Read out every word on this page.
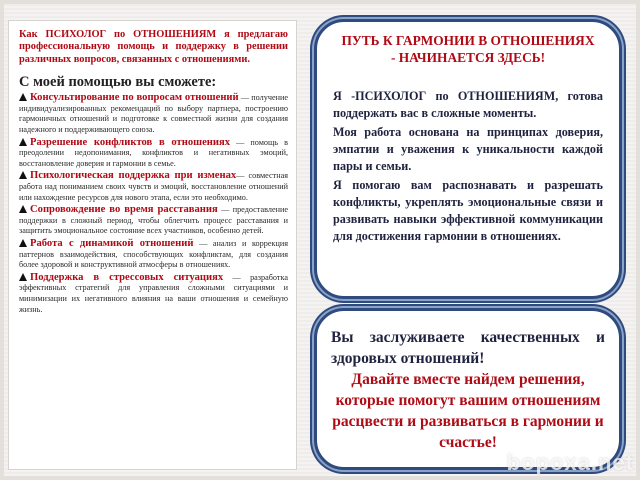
Как ПСИХОЛОГ по ОТНОШЕНИЯМ я предлагаю профессиональную помощь и поддержку в решении различных вопросов, связанных с отношениями.
С моей помощью вы сможете:
Консультирование по вопросам отношений — получение индивидуализированных рекомендаций по выбору партнера, построению гармоничных отношений и подготовке к совместной жизни для создания надежного и поддерживающего союза.
Разрешение конфликтов в отношениях — помощь в преодолении недопонимания, конфликтов и негативных эмоций, восстановление доверия и гармонии в семье.
Психологическая поддержка при изменах— совместная работа над пониманием своих чувств и эмоций, восстановление отношений или нахождение ресурсов для нового этапа, если это необходимо.
Сопровождение во время расставания — предоставление поддержки в сложный период, чтобы облегчить процесс расставания и защитить эмоциональное состояние всех участников, особенно детей.
Работа с динамикой отношений — анализ и коррекция паттернов взаимодействия, способствующих конфликтам, для создания более здоровой и конструктивной атмосферы в отношениях.
Поддержка в стрессовых ситуациях — разработка эффективных стратегий для управления сложными ситуациями и минимизации их негативного влияния на ваши отношения и семейную жизнь.
ПУТЬ К ГАРМОНИИ В ОТНОШЕНИЯХ
- НАЧИНАЕТСЯ ЗДЕСЬ!

Я -ПСИХОЛОГ по ОТНОШЕНИЯМ, готова поддержать вас в сложные моменты.

Моя работа основана на принципах доверия, эмпатии и уважения к уникальности каждой пары и семьи.

Я помогаю вам распознавать и разрешать конфликты, укреплять эмоциональные связи и развивать навыки эффективной коммуникации для достижения гармонии в отношениях.

Вы заслуживаете качественных и здоровых отношений!
Давайте вместе найдем решения, которые помогут вашим отношениям расцвести и развиваться в гармонии и счастье!
bopoxa.net
